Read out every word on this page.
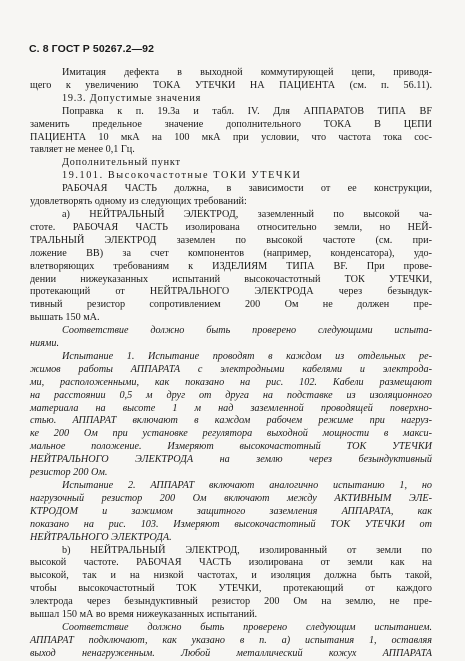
С. 8 ГОСТ Р 50267.2—92

Имитация дефекта в выходной коммутирующей цепи, приводя-

щего к увеличению ТОКА УТЕЧКИ НА ПАЦИЕНТА (см. п. 56.11).

19.3. Допустимые значения

Поправка к п. 19.3а и табл. IV. Для АППАРАТОВ ТИПА BF

заменить предельное значение дополнительного ТОКА В ЦЕПИ

ПАЦИЕНТА 10 мкА на 100 мкА при условии, что частота тока сос-

тавляет не менее 0,1 Гц.

Дополнительный пункт

19.101. Высокочастотные ТОКИ УТЕЧКИ

РАБОЧАЯ ЧАСТЬ должна, в зависимости от ее конструкции,

удовлетворять одному из следующих требований:

а) НЕЙТРАЛЬНЫЙ ЭЛЕКТРОД, заземленный по высокой ча-

стоте. РАБОЧАЯ ЧАСТЬ изолирована относительно земли, но НЕЙ-

ТРАЛЬНЫЙ ЭЛЕКТРОД заземлен по высокой частоте (см. при-

ложение ВВ) за счет компонентов (например, конденсатора), удо-

влетворяющих требованиям к ИЗДЕЛИЯМ ТИПА BF. При прове-

дении нижеуказанных испытаний высокочастотный ТОК УТЕЧКИ,

протекающий от НЕЙТРАЛЬНОГО ЭЛЕКТРОДА через безындук-

тивный резистор сопротивлением 200 Ом не должен пре-

вышать 150 мА.

Соответствие должно быть проверено следующими испыта-

ниями.

Испытание 1. Испытание проводят в каждом из отдельных ре-

жимов работы АППАРАТА с электродными кабелями и электрода-

ми, расположенными, как показано на рис. 102. Кабели размещают

на расстоянии 0,5 м друг от друга на подставке из изоляционного

материала на высоте 1 м над заземленной проводящей поверхно-

стью. АППАРАТ включают в каждом рабочем режиме при нагруз-

ке 200 Ом при установке регулятора выходной мощности в макси-

мальное положение. Измеряют высокочастотный ТОК УТЕЧКИ

НЕЙТРАЛЬНОГО ЭЛЕКТРОДА на землю через безындуктивный

резистор 200 Ом.

Испытание 2. АППАРАТ включают аналогично испытанию 1, но

нагрузочный резистор 200 Ом включают между АКТИВНЫМ ЭЛЕ-

КТРОДОМ и зажимом защитного заземления АППАРАТА, как

показано на рис. 103. Измеряют высокочастотный ТОК УТЕЧКИ от

НЕЙТРАЛЬНОГО ЭЛЕКТРОДА.

b) НЕЙТРАЛЬНЫЙ ЭЛЕКТРОД, изолированный от земли по

высокой частоте. РАБОЧАЯ ЧАСТЬ изолирована от земли как на

высокой, так и на низкой частотах, и изоляция должна быть такой,

чтобы высокочастотный ТОК УТЕЧКИ, протекающий от каждого

электрода через безындуктивный резистор 200 Ом на землю, не пре-

вышал 150 мА во время нижеуказанных испытаний.

Соответствие должно быть проверено следующим испытанием.

АППАРАТ подключают, как указано в п. а) испытания 1, оставляя

выход ненагруженным. Любой металлический кожух АППАРАТА
